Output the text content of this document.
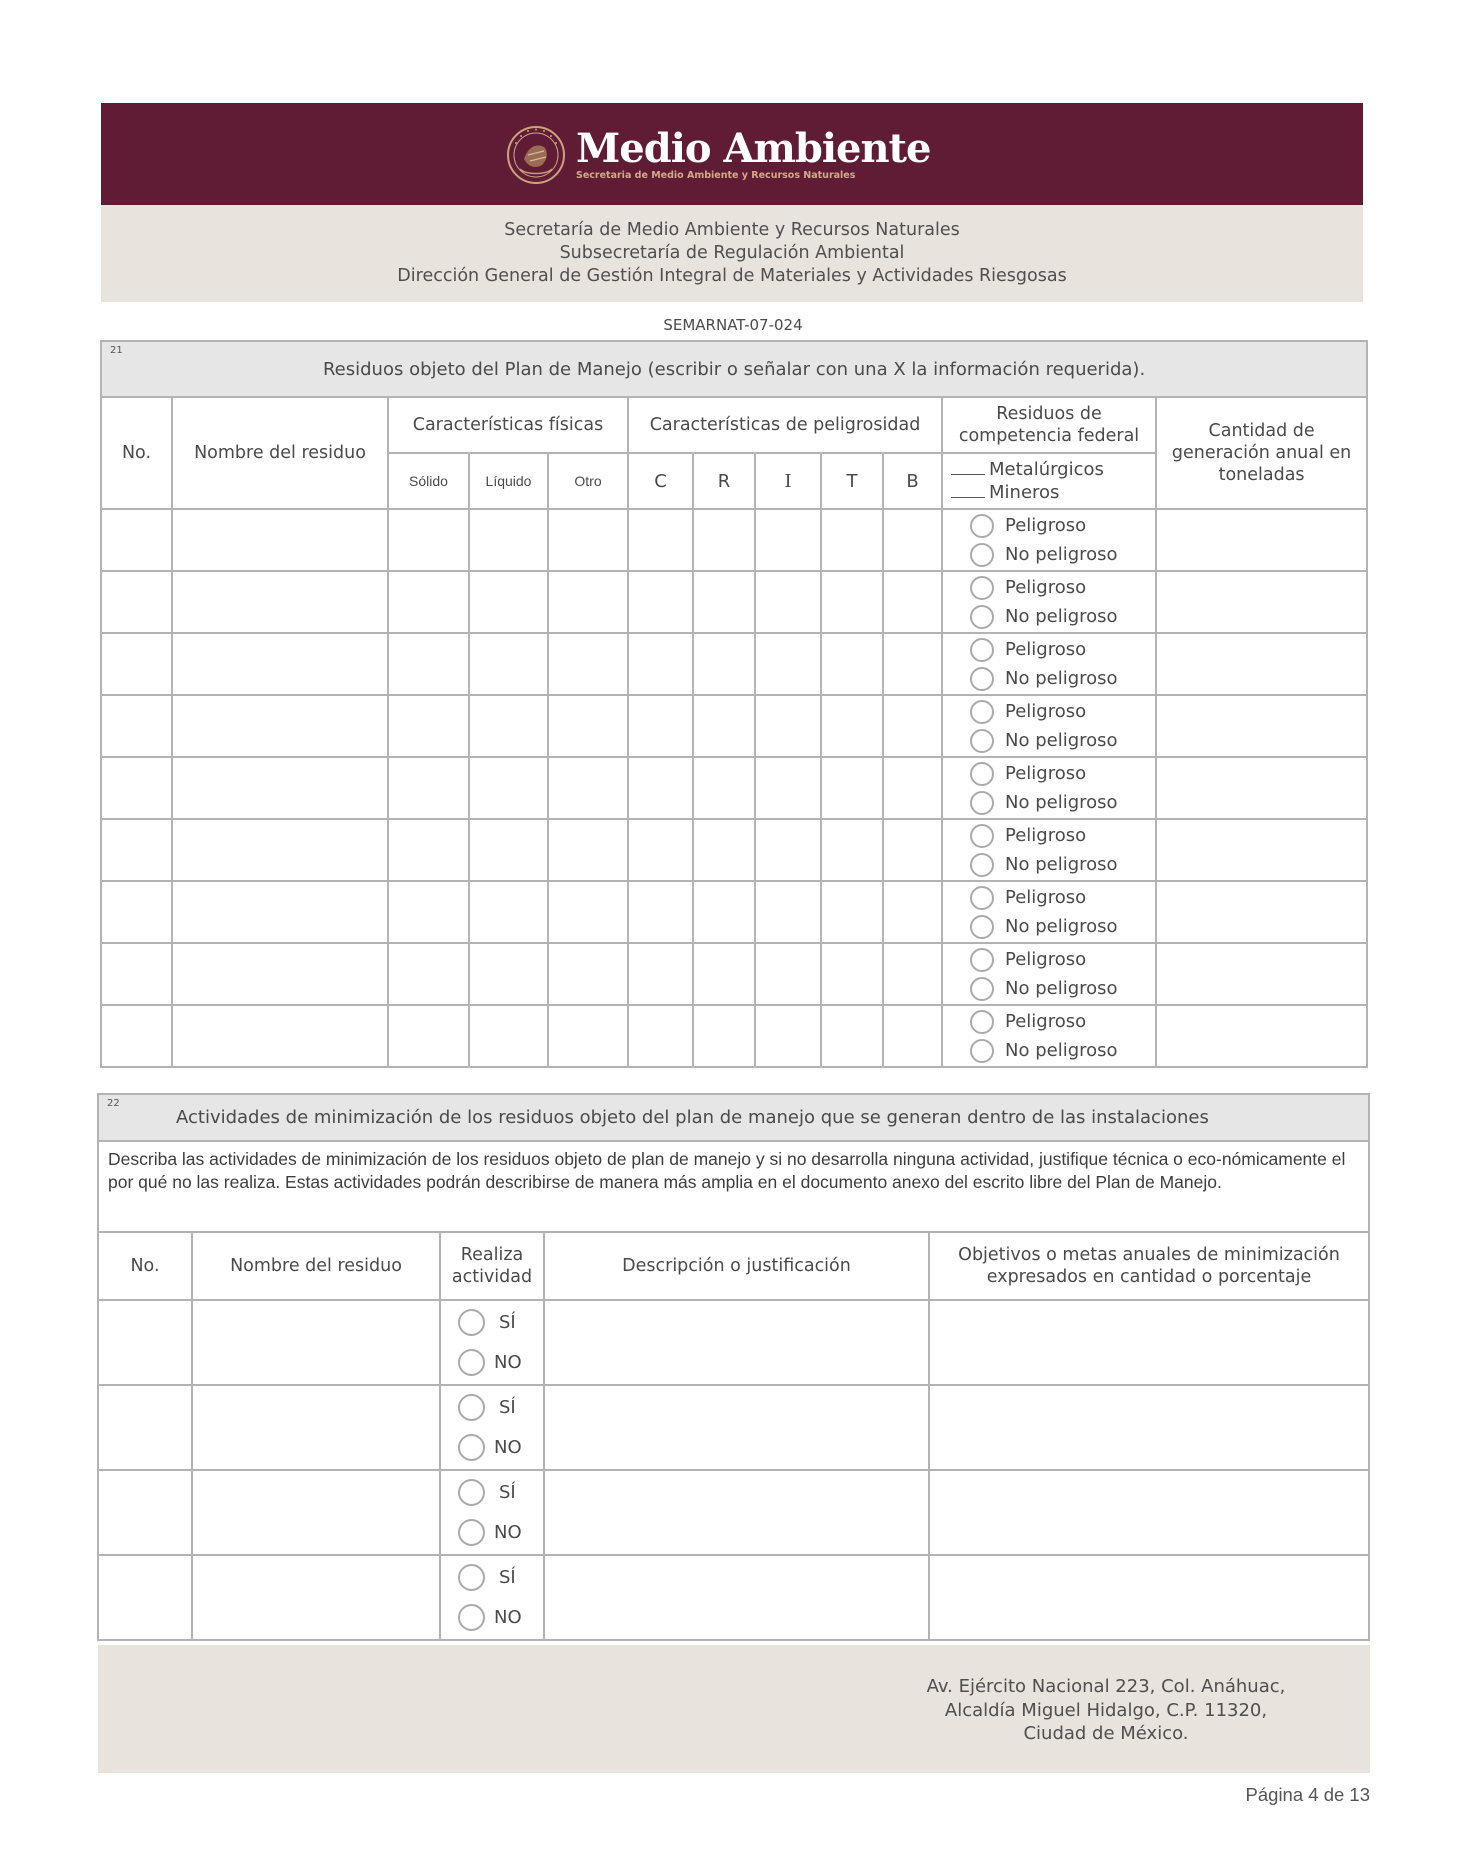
Medio Ambiente
Secretaria de Medio Ambiente y Recursos Naturales
Secretaría de Medio Ambiente y Recursos Naturales
Subsecretaría de Regulación Ambiental
Dirección General de Gestión Integral de Materiales y Actividades Riesgosas
SEMARNAT-07-024
21
Residuos objeto del Plan de Manejo (escribir o señalar con una X la información requerida).											
No.	Nombre del residuo	Características físicas			Características de peligrosidad					Residuos de competencia federal	Cantidad de generación anual en toneladas
		Sólido	Líquido	Otro	C	R	I	T	B	Metalúrgicos
Mineros	

										Peligroso
No peligroso	

										Peligroso
No peligroso	

										Peligroso
No peligroso	

										Peligroso
No peligroso	

										Peligroso
No peligroso	

										Peligroso
No peligroso	

										Peligroso
No peligroso	

										Peligroso
No peligroso	

										Peligroso
No peligroso	

22
Actividades de minimización de los residuos objeto del plan de manejo que se generan dentro de las instalaciones				
Describa las actividades de minimización de los residuos objeto de plan de manejo y si no desarrolla ninguna actividad, justifique técnica o eco-nómicamente el por qué no las realiza. Estas actividades podrán describirse de manera más amplia en el documento anexo del escrito libre del Plan de Manejo.				
No.	Nombre del residuo	Realiza actividad	Descripción o justificación	Objetivos o metas anuales de minimización expresados en cantidad o porcentaje

		SÍ
NO		

		SÍ
NO		

		SÍ
NO		

		SÍ
NO		

Av. Ejército Nacional 223, Col. Anáhuac,
Alcaldía Miguel Hidalgo, C.P. 11320,
Ciudad de México.
Página 4 de 13
